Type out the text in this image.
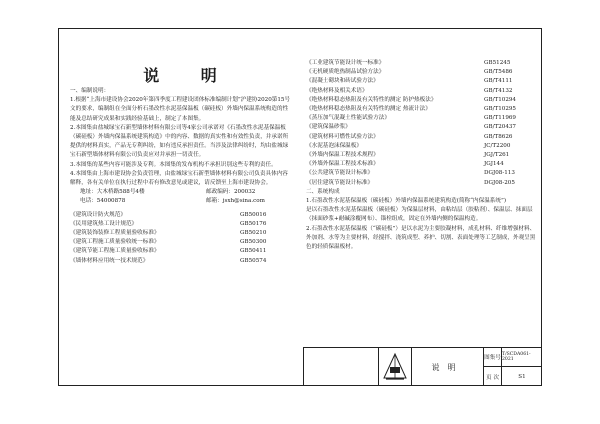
说 明

一、编制说明：

1.根据“上海市建设协会2020年第四季度工程建设团体标准编制计划”沪建协2020第15号文的要求，编制组在全面分析石墨改性水泥基保温板（碳硅板）外墙内保温系统构造的性能及总结研究成果和实践经验基础上，制定了本图集。

2.本图集由盐城绿宝石新型墙体材料有限公司等4家公司承诺对《石墨改性水泥基保温板（碳硅板）外墙内保温系统建筑构造》中的内容、数据的真实性和有效性负责，并承诺所提供的材料真实，产品无专利纠纷，如有违反承担责任。当涉及法律纠纷时，均由盐城绿宝石新型墙体材料有限公司负责应对并承担一切责任。

3.本图集的某些内容可能涉及专利。本图集的发布机构不承担识别这些专利的责任。

4.本图集由上海市建设协会负责管理，由盐城绿宝石新型墙体材料有限公司负责具体内容解释，各有关单位在执行过程中若有修改意见或建议，请反馈至上海市建设协会。

地址：大木桥路588号4楼	邮政编码：200032
电话：54000878	邮箱：jsxh@sina.com
《建筑设计防火规范》	GB50016
《民用建筑热工设计规范》	GB50176
《建筑装饰装修工程质量验收标准》	GB50210
《建筑工程施工质量验收统一标准》	GB50300
《建筑节能工程施工质量验收标准》	GB50411
《墙体材料应用统一技术规范》	GB50574
《工业建筑节能设计统一标准》	GB51245
《无机硬质绝热制品试验方法》	GB/T5486
《混凝土砌块和砖试验方法》	GB/T4111
《绝热材料及相关术语》	GB/T4132
《绝热材料稳态热阻及有关特性的测定 防护热板法》	GB/T10294
《绝热材料稳态热阻及有关特性的测定 热流计法》	GB/T10295
《蒸压加气混凝土性能试验方法》	GB/T11969
《建筑保温砂浆》	GB/T20437
《建筑材料可燃性试验方法》	GB/T8626
《水泥基泡沫保温板》	JC/T2200
《外墙内保温工程技术规程》	JGJ/T261
《外墙外保温工程技术标准》	JGJ144
《公共建筑节能设计标准》	DGJ08-113
《居住建筑节能设计标准》	DGJ08-205

二、系统构成

1.石墨改性水泥基保温板（碳硅板）外墙内保温系统建筑构造(简称“内保温系统”)

是以石墨改性水泥基保温板（碳硅板）为保温层材料，由粘结层（胶粘剂）、保温层、抹面层（抹面砂浆+耐碱涂覆网布）、锚栓组成，固定在外墙内侧的保温构造。

2.石墨改性水泥基保温板（“碳硅板”）是以水泥为主要胶凝材料，成孔材料、纤维增强材料、外加剂、水等为主要材料，经搅拌、浇筑成型、养护、切割、表面处理等工艺制成，外观呈黑色的轻质保温板材。

说明
图集号
T/SCDA061-2021
页 次	S1
